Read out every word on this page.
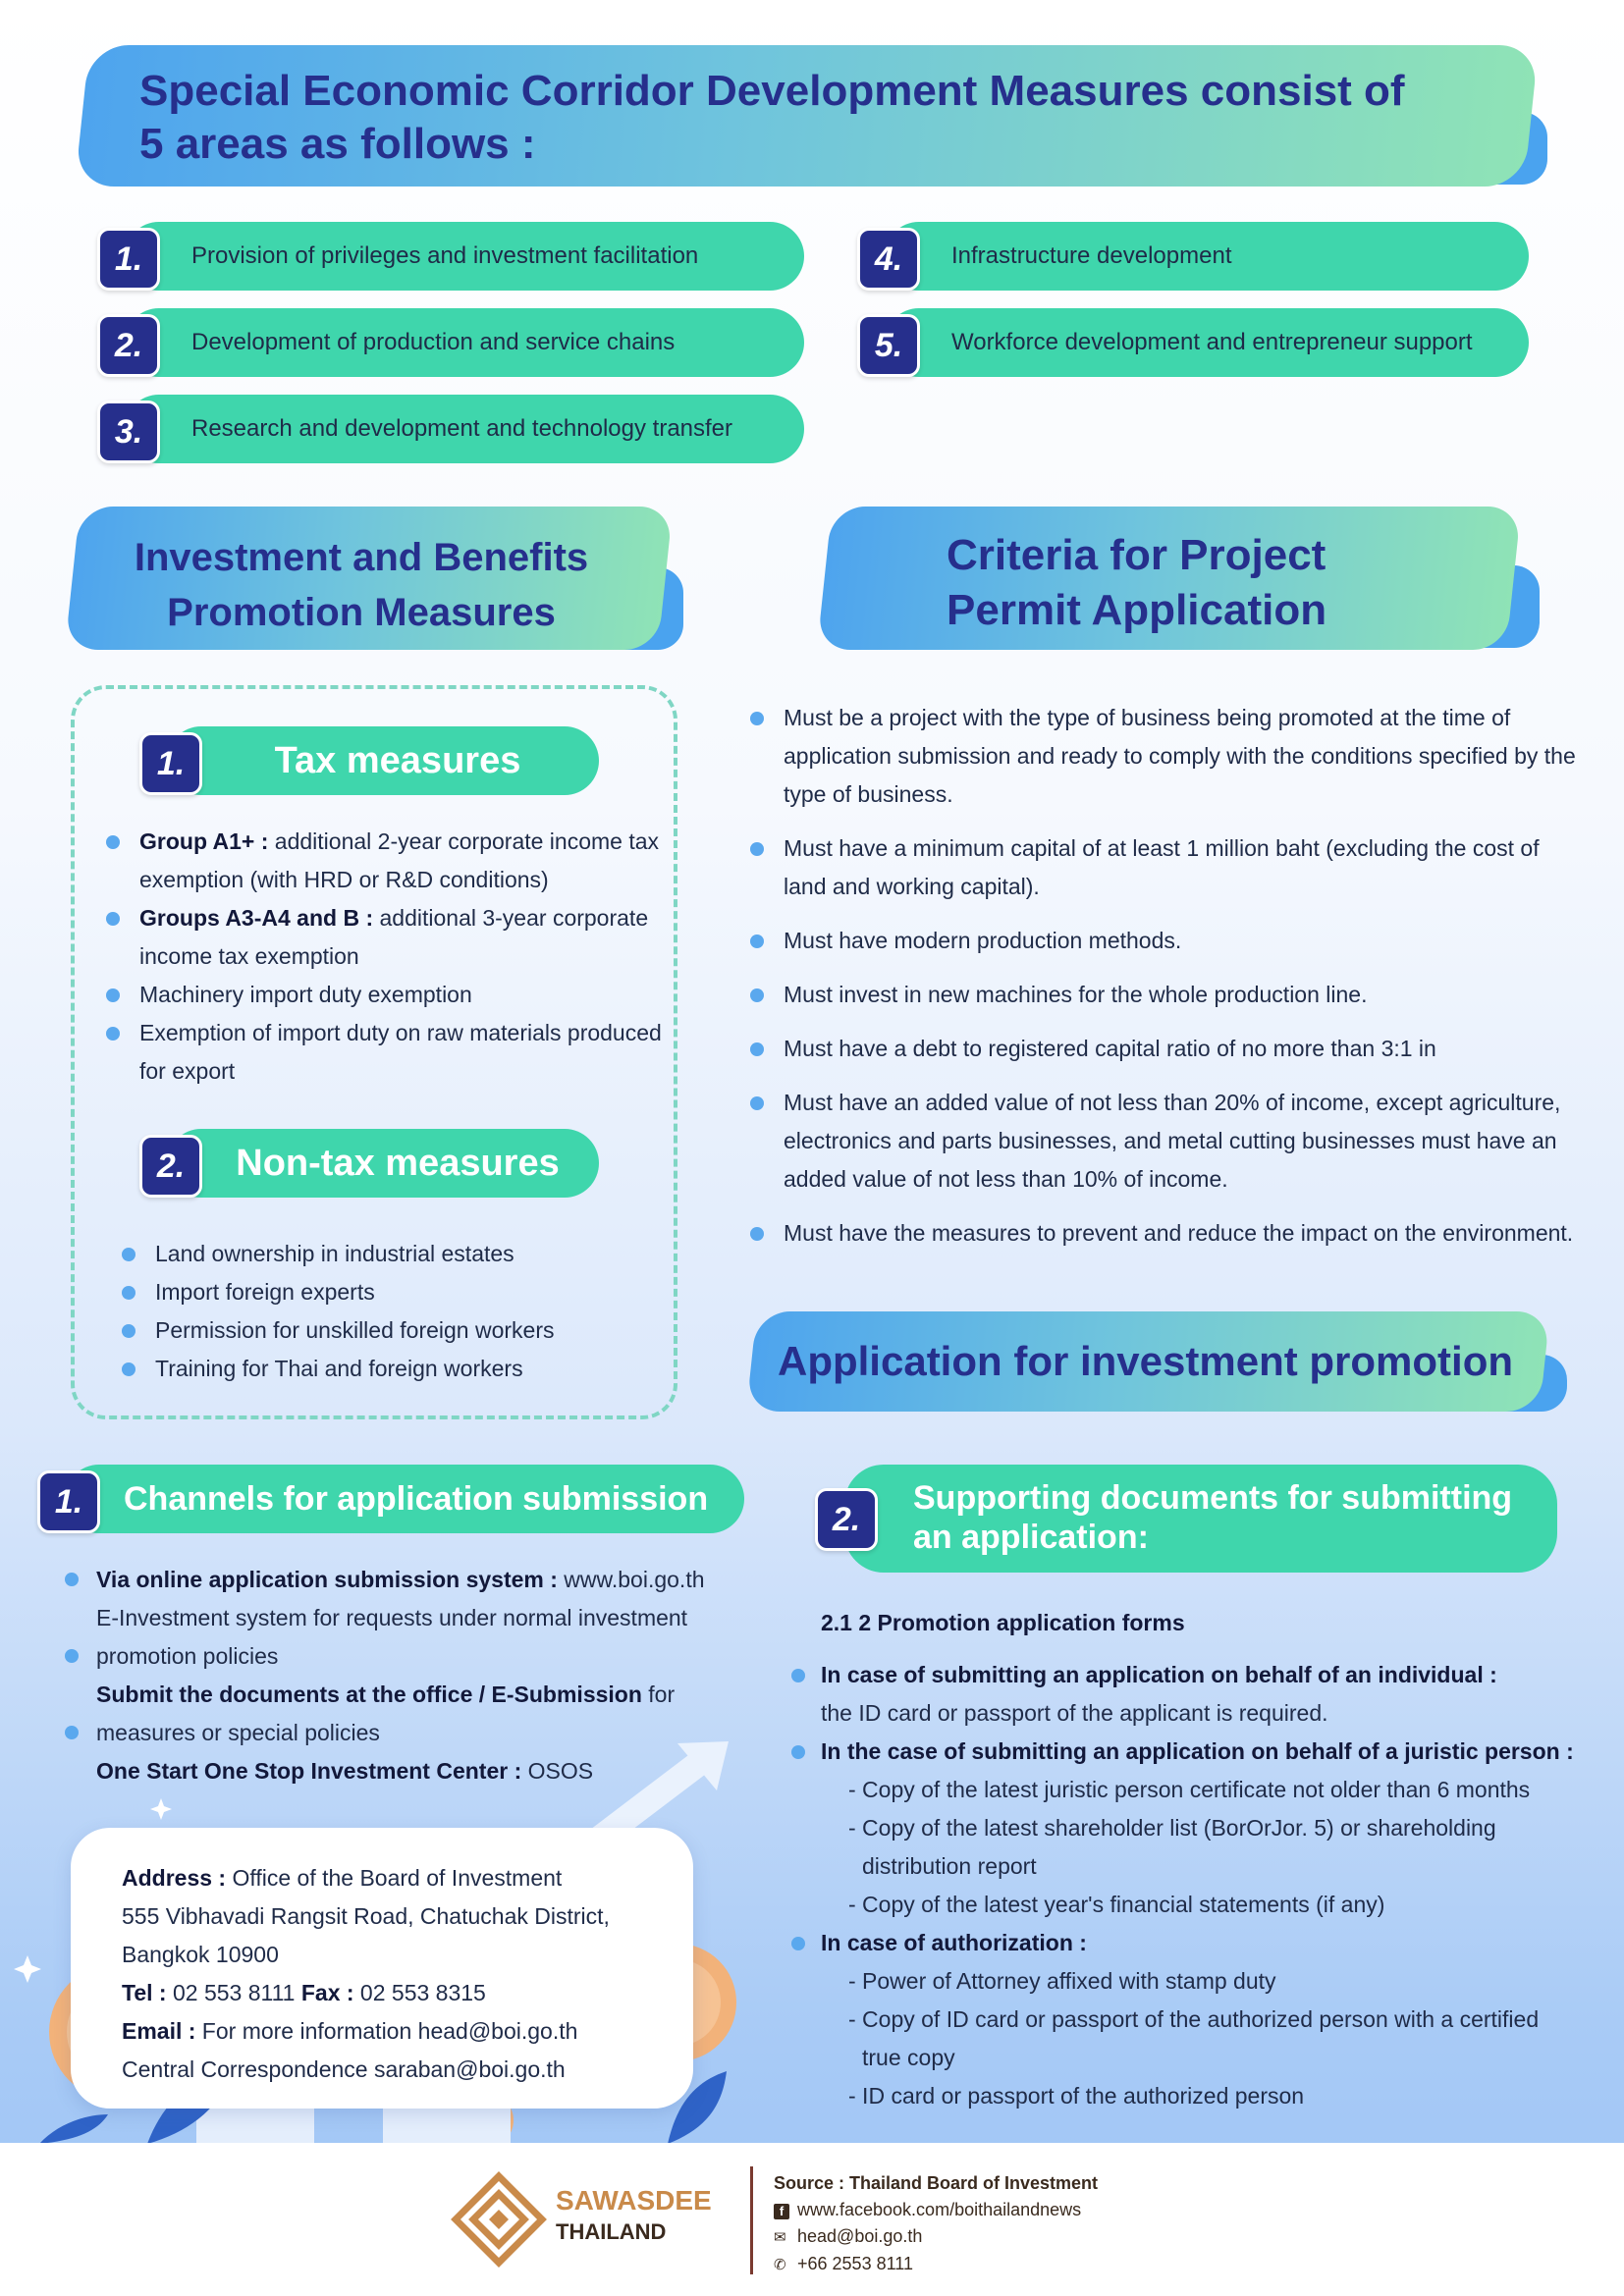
Special Economic Corridor Development Measures consist of
5 areas as follows :
1.	Provision of privileges and investment facilitation
2.	Development of production and service chains
3.	Research and development and technology transfer
4.	Infrastructure development
5.	Workforce development and entrepreneur support
Investment and Benefits
Promotion Measures
Criteria for Project
Permit Application
1.	Tax measures
Group A1+ : additional 2-year corporate income tax exemption (with HRD or R&D conditions)
Groups A3-A4 and B : additional 3-year corporate income tax exemption
Machinery import duty exemption
Exemption of import duty on raw materials produced for export
2.	Non-tax measures
Land ownership in industrial estates
Import foreign experts
Permission for unskilled foreign workers
Training for Thai and foreign workers
Must be a project with the type of business being promoted at the time of application submission and ready to comply with the conditions specified by the type of business.
Must have a minimum capital of at least 1 million baht (excluding the cost of land and working capital).
Must have modern production methods.
Must invest in new machines for the whole production line.
Must have a debt to registered capital ratio of no more than 3:1 in
Must have an added value of not less than 20% of income, except agriculture, electronics and parts businesses, and metal cutting businesses must have an added value of not less than 10% of income.
Must have the measures to prevent and reduce the impact on the environment.
Application for investment promotion
1.	Channels for application submission
Via online application submission system : www.boi.go.th
E-Investment system for requests under normal investment
promotion policies
Submit the documents at the office / E-Submission for
measures or special policies
One Start One Stop Investment Center : OSOS

Address : Office of the Board of Investment

555 Vibhavadi Rangsit Road, Chatuchak District,

Bangkok 10900

Tel : 02 553 8111 Fax : 02 553 8315

Email : For more information head@boi.go.th

Central Correspondence saraban@boi.go.th

2.
Supporting documents for submitting
an application:
2.1 2 Promotion application forms
In case of submitting an application on behalf of an individual :
the ID card or passport of the applicant is required.
In the case of submitting an application on behalf of a juristic person :
- Copy of the latest juristic person certificate not older than 6 months
- Copy of the latest shareholder list (BorOrJor. 5) or shareholding
distribution report
- Copy of the latest year's financial statements (if any)
In case of authorization :
- Power of Attorney affixed with stamp duty
- Copy of ID card or passport of the authorized person with a certified
true copy
- ID card or passport of the authorized person
SAWASDEE
THAILAND
Source : Thailand Board of Investment
f www.facebook.com/boithailandnews
✉ head@boi.go.th
✆ +66 2553 8111
